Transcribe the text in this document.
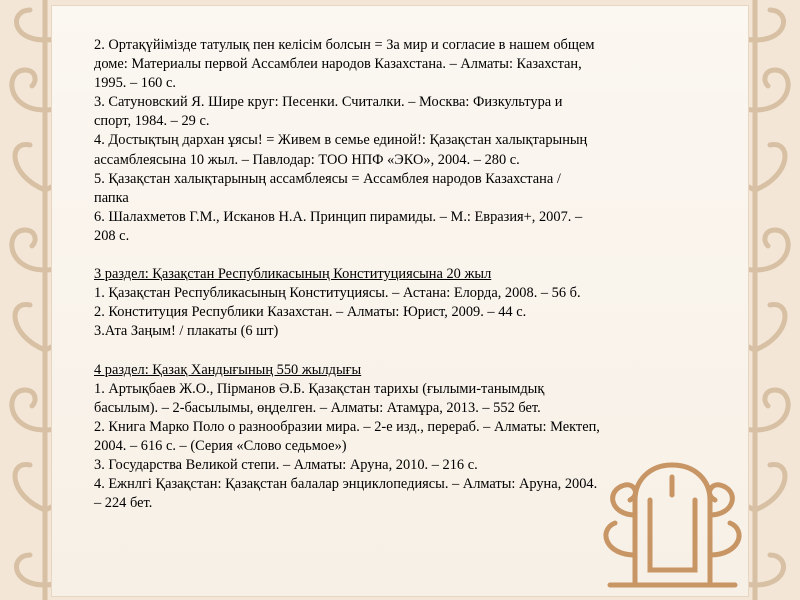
2. Ортақүйімізде татулық пен келісім болсын = За мир и согласие в нашем общем
доме: Материалы первой Ассамблеи народов Казахстана. – Алматы: Казахстан,
1995. – 160 с.
3. Сатуновский Я. Шире круг: Песенки. Считалки. – Москва: Физкультура и
спорт, 1984. – 29 с.
4. Достықтың дархан ұясы! = Живем в семье единой!: Қазақстан халықтарының
ассамблеясына 10 жыл. – Павлодар: ТОО НПФ «ЭКО», 2004. – 280 с.
5. Қазақстан халықтарының ассамблеясы = Ассамблея народов Казахстана /
папка
6. Шалахметов Г.М., Исканов Н.А. Принцип пирамиды. – М.: Евразия+, 2007. –
208 с.
3 раздел: Қазақстан Республикасының Конституциясына 20 жыл
1. Қазақстан Республикасының Конституциясы. – Астана: Елорда, 2008. – 56 б.
2. Конституция Республики Казахстан. – Алматы: Юрист, 2009. – 44 с.
3.Ата Заңым! / плакаты (6 шт)
4 раздел: Қазақ Хандығының 550 жылдығы
1. Артықбаев Ж.О., Пірманов Ә.Б. Қазақстан тарихы (ғылыми-танымдық
басылым). – 2-басылымы, өңделген. – Алматы: Атамұра, 2013. – 552 бет.
2. Книга Марко Поло о разнообразии мира. – 2-е изд., перераб. – Алматы: Мектеп,
2004. – 616 с. – (Серия «Слово седьмое»)
3. Государства Великой степи. – Алматы: Аруна, 2010. – 216 с.
4. Ежнлгі Қазақстан: Қазақстан балалар энциклопедиясы. – Алматы: Аруна, 2004.
– 224 бет.
